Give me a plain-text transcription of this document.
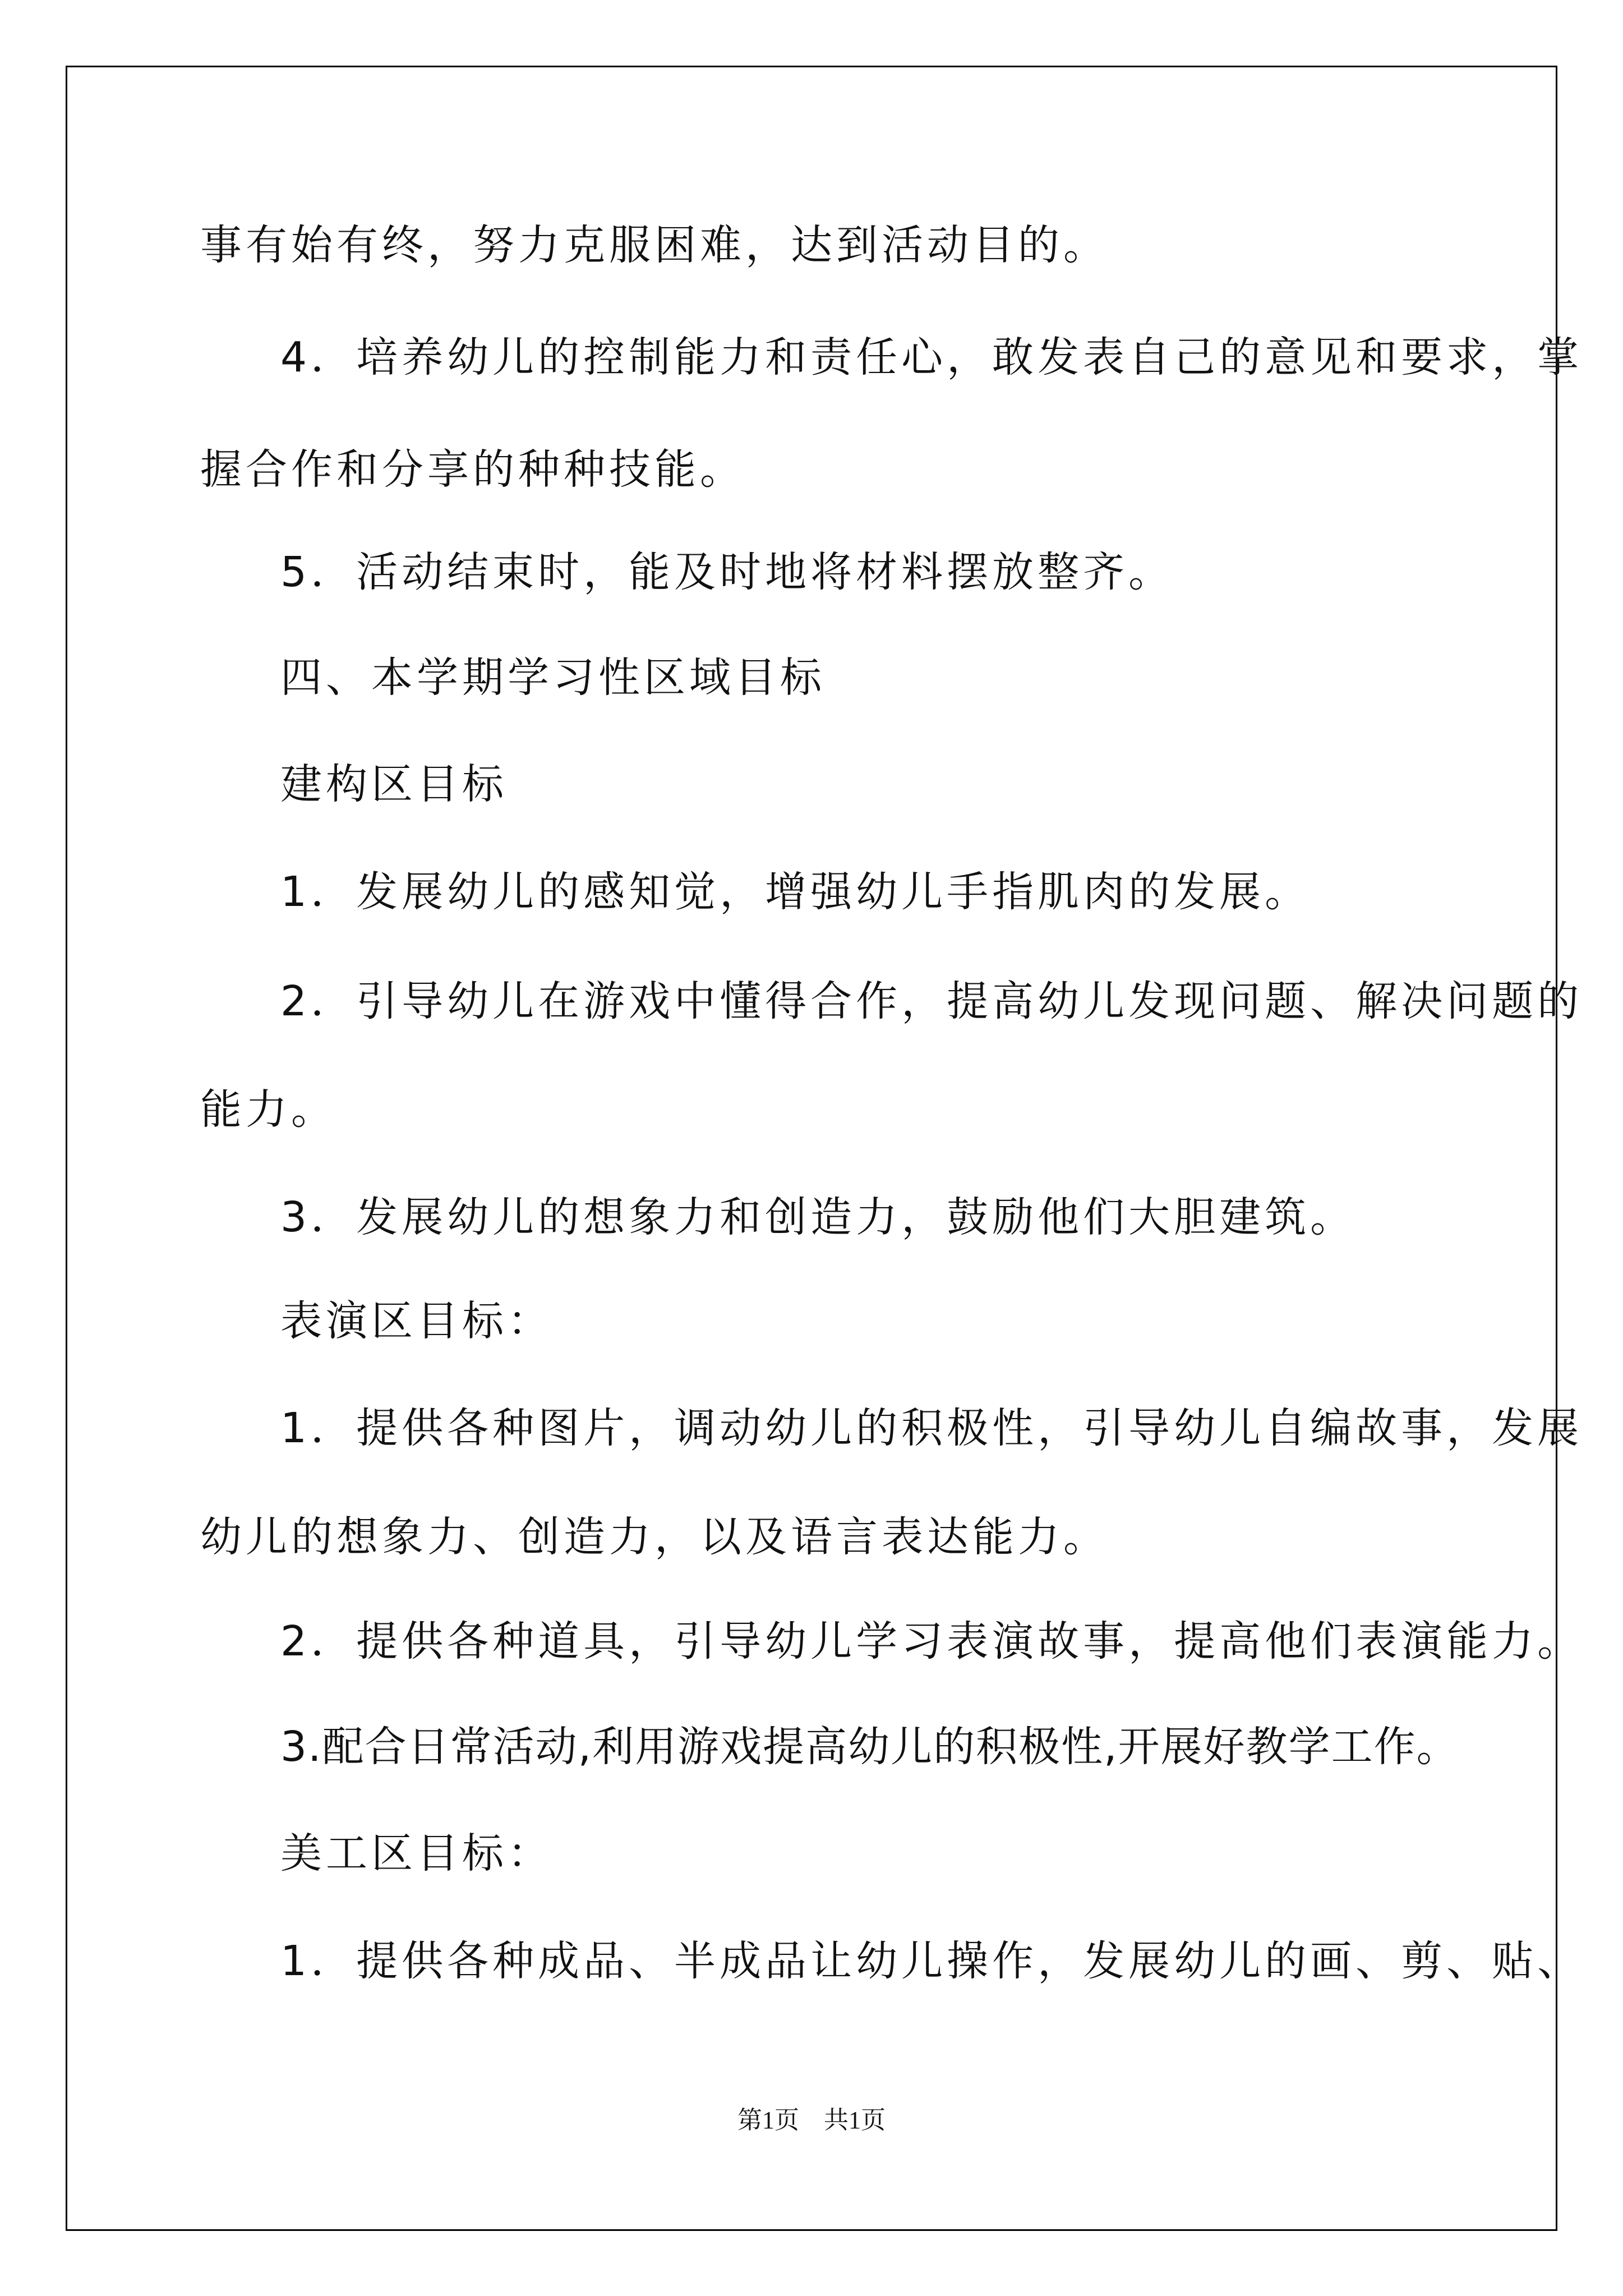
事有始有终，努力克服困难，达到活动目的。
4．培养幼儿的控制能力和责任心，敢发表自己的意见和要求，掌
握合作和分享的种种技能。
5．活动结束时，能及时地将材料摆放整齐。
四、本学期学习性区域目标
建构区目标
1．发展幼儿的感知觉，增强幼儿手指肌肉的发展。
2．引导幼儿在游戏中懂得合作，提高幼儿发现问题、解决问题的
能力。
3．发展幼儿的想象力和创造力，鼓励他们大胆建筑。
表演区目标：
1．提供各种图片，调动幼儿的积极性，引导幼儿自编故事，发展
幼儿的想象力、创造力，以及语言表达能力。
2．提供各种道具，引导幼儿学习表演故事，提高他们表演能力。
3.配合日常活动,利用游戏提高幼儿的积极性,开展好教学工作。
美工区目标：
1．提供各种成品、半成品让幼儿操作，发展幼儿的画、剪、贴、
第1页　共1页
